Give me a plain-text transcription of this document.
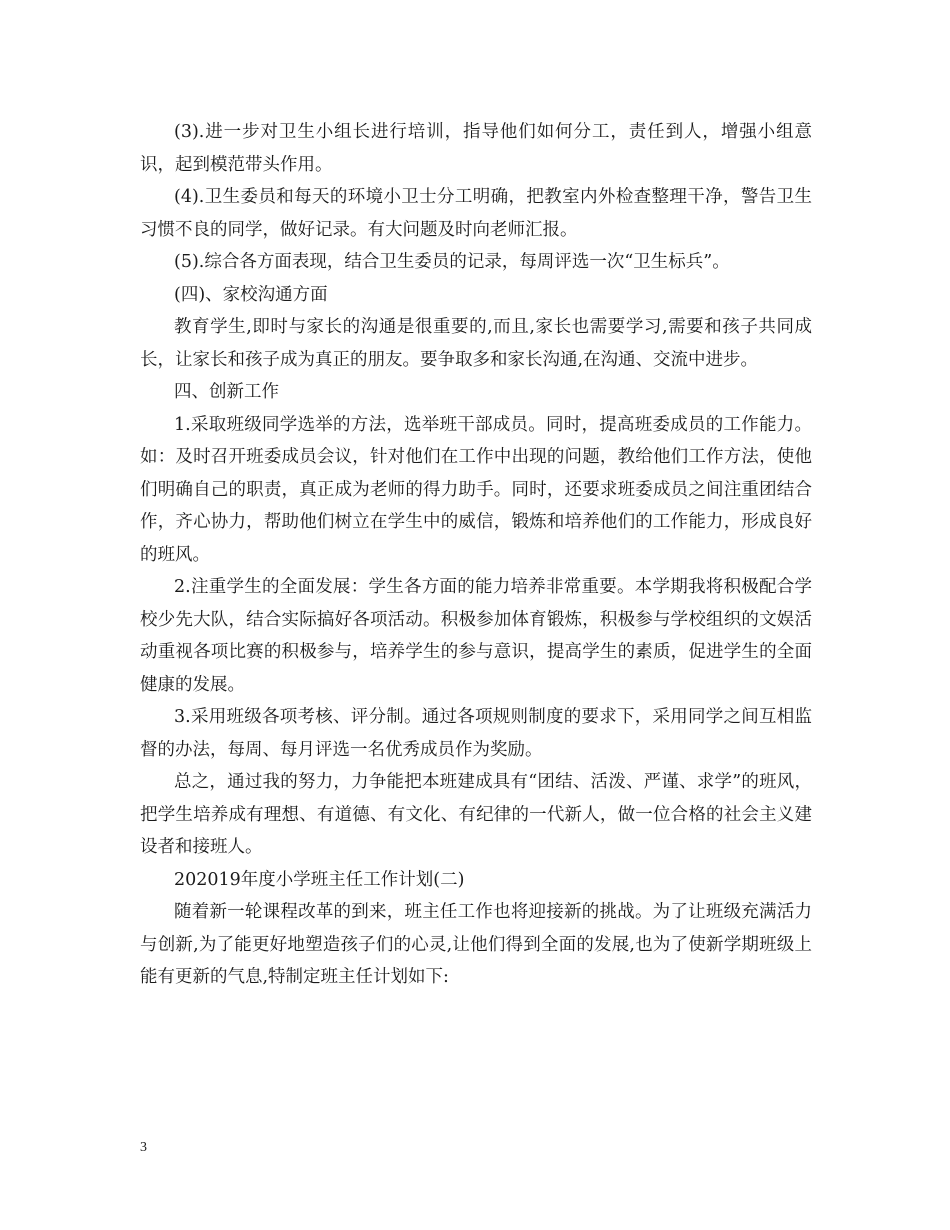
(3).进一步对卫生小组长进行培训，指导他们如何分工，责任到人，增强小组意识，起到模范带头作用。

(4).卫生委员和每天的环境小卫士分工明确，把教室内外检查整理干净，警告卫生习惯不良的同学，做好记录。有大问题及时向老师汇报。

(5).综合各方面表现，结合卫生委员的记录，每周评选一次“卫生标兵”。

(四)、家校沟通方面

教育学生,即时与家长的沟通是很重要的,而且,家长也需要学习,需要和孩子共同成长，让家长和孩子成为真正的朋友。要争取多和家长沟通,在沟通、交流中进步。

四、创新工作

1.采取班级同学选举的方法，选举班干部成员。同时，提高班委成员的工作能力。如：及时召开班委成员会议，针对他们在工作中出现的问题，教给他们工作方法，使他们明确自己的职责，真正成为老师的得力助手。同时，还要求班委成员之间注重团结合作，齐心协力，帮助他们树立在学生中的威信，锻炼和培养他们的工作能力，形成良好的班风。

2.注重学生的全面发展：学生各方面的能力培养非常重要。本学期我将积极配合学校少先大队，结合实际搞好各项活动。积极参加体育锻炼，积极参与学校组织的文娱活动重视各项比赛的积极参与，培养学生的参与意识，提高学生的素质，促进学生的全面健康的发展。

3.采用班级各项考核、评分制。通过各项规则制度的要求下，采用同学之间互相监督的办法，每周、每月评选一名优秀成员作为奖励。

总之，通过我的努力，力争能把本班建成具有“团结、活泼、严谨、求学”的班风，把学生培养成有理想、有道德、有文化、有纪律的一代新人，做一位合格的社会主义建设者和接班人。

202019年度小学班主任工作计划(二)

随着新一轮课程改革的到来，班主任工作也将迎接新的挑战。为了让班级充满活力与创新,为了能更好地塑造孩子们的心灵,让他们得到全面的发展,也为了使新学期班级上能有更新的气息,特制定班主任计划如下:

3
